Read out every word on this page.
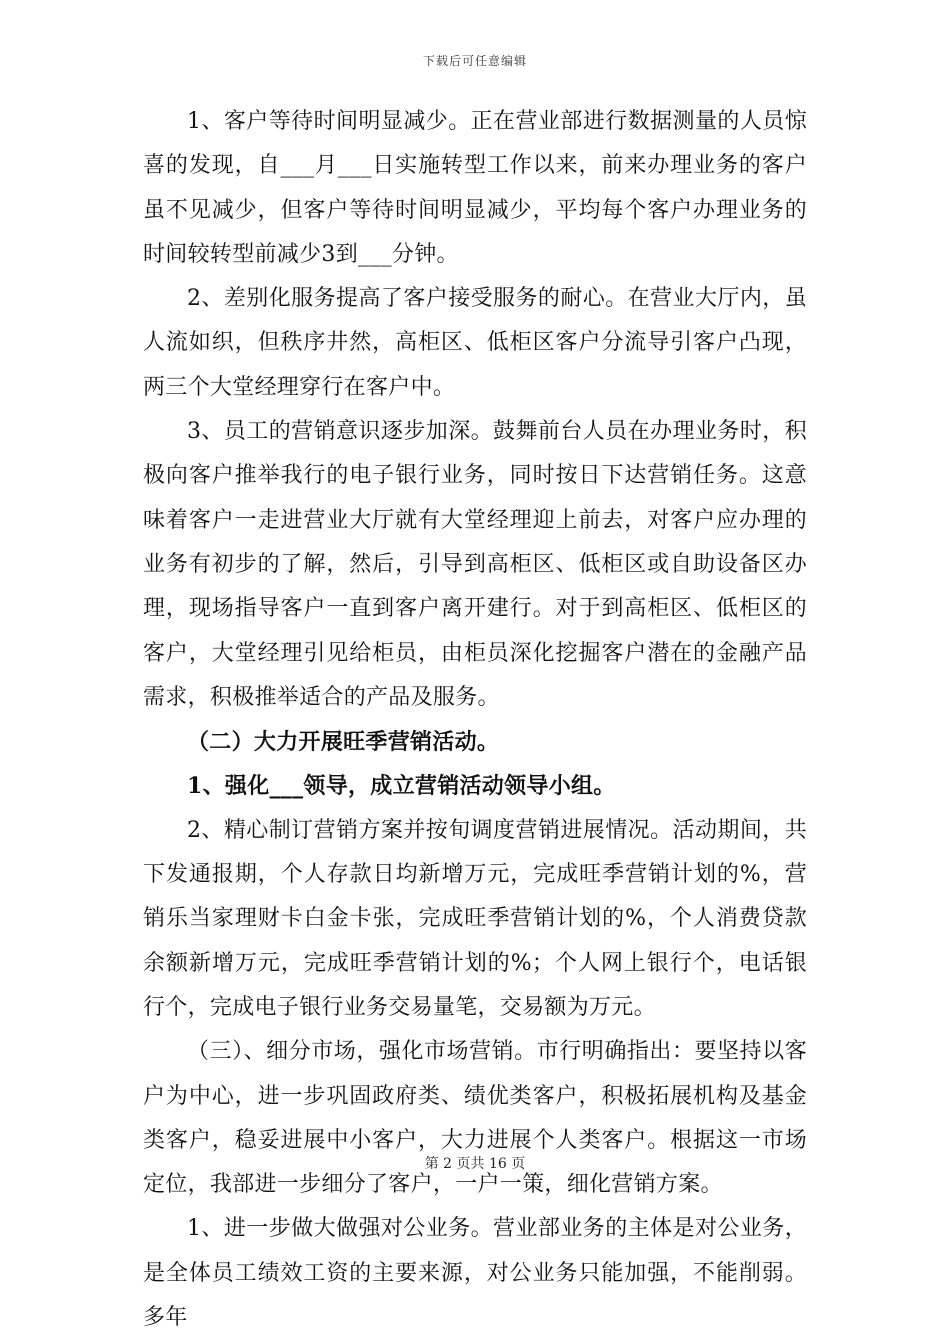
下载后可任意编辑

1、客户等待时间明显减少。正在营业部进行数据测量的人员惊喜的发现，自___月___日实施转型工作以来，前来办理业务的客户虽不见减少，但客户等待时间明显减少，平均每个客户办理业务的时间较转型前减少3到___分钟。

2、差别化服务提高了客户接受服务的耐心。在营业大厅内，虽人流如织，但秩序井然，高柜区、低柜区客户分流导引客户凸现，两三个大堂经理穿行在客户中。

3、员工的营销意识逐步加深。鼓舞前台人员在办理业务时，积极向客户推举我行的电子银行业务，同时按日下达营销任务。这意味着客户一走进营业大厅就有大堂经理迎上前去，对客户应办理的业务有初步的了解，然后，引导到高柜区、低柜区或自助设备区办理，现场指导客户一直到客户离开建行。对于到高柜区、低柜区的客户，大堂经理引见给柜员，由柜员深化挖掘客户潜在的金融产品需求，积极推举适合的产品及服务。

（二）大力开展旺季营销活动。

1、强化___领导，成立营销活动领导小组。

2、精心制订营销方案并按旬调度营销进展情况。活动期间，共下发通报期，个人存款日均新增万元，完成旺季营销计划的%，营销乐当家理财卡白金卡张，完成旺季营销计划的%，个人消费贷款余额新增万元，完成旺季营销计划的%；个人网上银行个，电话银行个，完成电子银行业务交易量笔，交易额为万元。

（三）、细分市场，强化市场营销。市行明确指出：要坚持以客户为中心，进一步巩固政府类、绩优类客户，积极拓展机构及基金类客户，稳妥进展中小客户，大力进展个人类客户。根据这一市场定位，我部进一步细分了客户，一户一策，细化营销方案。

1、进一步做大做强对公业务。营业部业务的主体是对公业务，是全体员工绩效工资的主要来源，对公业务只能加强，不能削弱。多年

第 2 页共 16 页
